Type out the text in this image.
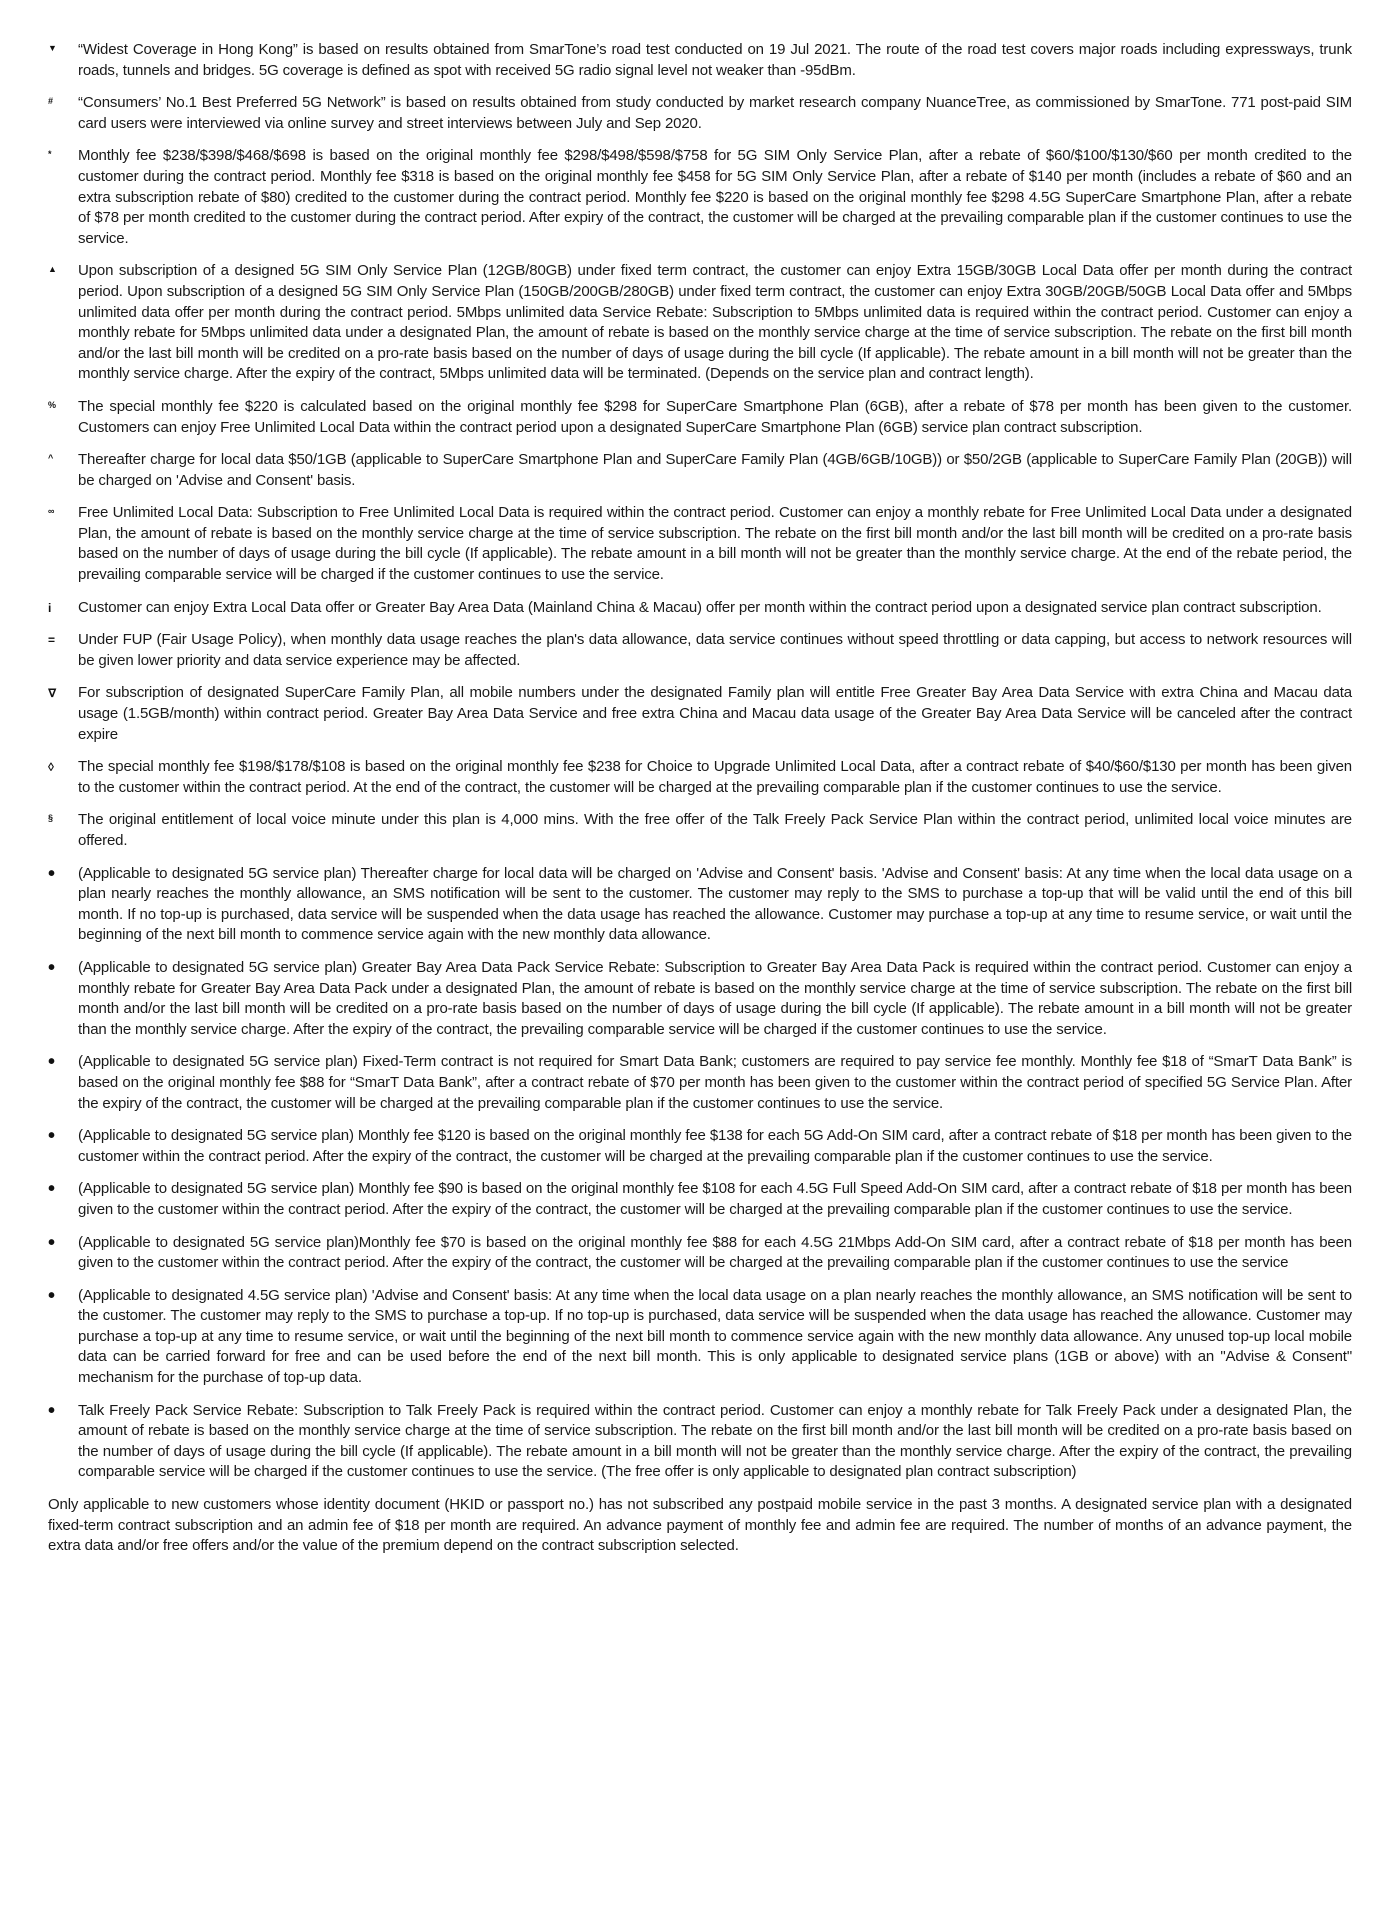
▼	“Widest Coverage in Hong Kong” is based on results obtained from SmarTone’s road test conducted on 19 Jul 2021. The route of the road test covers major roads including expressways, trunk roads, tunnels and bridges. 5G coverage is defined as spot with received 5G radio signal level not weaker than -95dBm.
#	“Consumers’ No.1 Best Preferred 5G Network” is based on results obtained from study conducted by market research company NuanceTree, as commissioned by SmarTone. 771 post-paid SIM card users were interviewed via online survey and street interviews between July and Sep 2020.
*	Monthly fee $238/$398/$468/$698 is based on the original monthly fee $298/$498/$598/$758 for 5G SIM Only Service Plan, after a rebate of $60/$100/$130/$60 per month credited to the customer during the contract period. Monthly fee $318 is based on the original monthly fee $458 for 5G SIM Only Service Plan, after a rebate of $140 per month (includes a rebate of $60 and an extra subscription rebate of $80) credited to the customer during the contract period. Monthly fee $220 is based on the original monthly fee $298 4.5G SuperCare Smartphone Plan, after a rebate of $78 per month credited to the customer during the contract period. After expiry of the contract, the customer will be charged at the prevailing comparable plan if the customer continues to use the service.
▲	Upon subscription of a designed 5G SIM Only Service Plan (12GB/80GB) under fixed term contract, the customer can enjoy Extra 15GB/30GB Local Data offer per month during the contract period. Upon subscription of a designed 5G SIM Only Service Plan (150GB/200GB/280GB) under fixed term contract, the customer can enjoy Extra 30GB/20GB/50GB Local Data offer and 5Mbps unlimited data offer per month during the contract period. 5Mbps unlimited data Service Rebate: Subscription to 5Mbps unlimited data is required within the contract period. Customer can enjoy a monthly rebate for 5Mbps unlimited data under a designated Plan, the amount of rebate is based on the monthly service charge at the time of service subscription. The rebate on the first bill month and/or the last bill month will be credited on a pro-rate basis based on the number of days of usage during the bill cycle (If applicable). The rebate amount in a bill month will not be greater than the monthly service charge. After the expiry of the contract, 5Mbps unlimited data will be terminated. (Depends on the service plan and contract length).
%	The special monthly fee $220 is calculated based on the original monthly fee $298 for SuperCare Smartphone Plan (6GB), after a rebate of $78 per month has been given to the customer. Customers can enjoy Free Unlimited Local Data within the contract period upon a designated SuperCare Smartphone Plan (6GB) service plan contract subscription.
^	Thereafter charge for local data $50/1GB (applicable to SuperCare Smartphone Plan and SuperCare Family Plan (4GB/6GB/10GB)) or $50/2GB (applicable to SuperCare Family Plan (20GB)) will be charged on 'Advise and Consent' basis.
∞	Free Unlimited Local Data: Subscription to Free Unlimited Local Data is required within the contract period. Customer can enjoy a monthly rebate for Free Unlimited Local Data under a designated Plan, the amount of rebate is based on the monthly service charge at the time of service subscription. The rebate on the first bill month and/or the last bill month will be credited on a pro-rate basis based on the number of days of usage during the bill cycle (If applicable). The rebate amount in a bill month will not be greater than the monthly service charge. At the end of the rebate period, the prevailing comparable service will be charged if the customer continues to use the service.
i	Customer can enjoy Extra Local Data offer or Greater Bay Area Data (Mainland China & Macau) offer per month within the contract period upon a designated service plan contract subscription.
=	Under FUP (Fair Usage Policy), when monthly data usage reaches the plan's data allowance, data service continues without speed throttling or data capping, but access to network resources will be given lower priority and data service experience may be affected.
∇	For subscription of designated SuperCare Family Plan, all mobile numbers under the designated Family plan will entitle Free Greater Bay Area Data Service with extra China and Macau data usage (1.5GB/month) within contract period. Greater Bay Area Data Service and free extra China and Macau data usage of the Greater Bay Area Data Service will be canceled after the contract expire
◊	The special monthly fee $198/$178/$108 is based on the original monthly fee $238 for Choice to Upgrade Unlimited Local Data, after a contract rebate of $40/$60/$130 per month has been given to the customer within the contract period. At the end of the contract, the customer will be charged at the prevailing comparable plan if the customer continues to use the service.
§	The original entitlement of local voice minute under this plan is 4,000 mins. With the free offer of the Talk Freely Pack Service Plan within the contract period, unlimited local voice minutes are offered.
•	(Applicable to designated 5G service plan) Thereafter charge for local data will be charged on 'Advise and Consent' basis. 'Advise and Consent' basis: At any time when the local data usage on a plan nearly reaches the monthly allowance, an SMS notification will be sent to the customer. The customer may reply to the SMS to purchase a top-up that will be valid until the end of this bill month. If no top-up is purchased, data service will be suspended when the data usage has reached the allowance. Customer may purchase a top-up at any time to resume service, or wait until the beginning of the next bill month to commence service again with the new monthly data allowance.
•	(Applicable to designated 5G service plan) Greater Bay Area Data Pack Service Rebate: Subscription to Greater Bay Area Data Pack is required within the contract period. Customer can enjoy a monthly rebate for Greater Bay Area Data Pack under a designated Plan, the amount of rebate is based on the monthly service charge at the time of service subscription. The rebate on the first bill month and/or the last bill month will be credited on a pro-rate basis based on the number of days of usage during the bill cycle (If applicable). The rebate amount in a bill month will not be greater than the monthly service charge. After the expiry of the contract, the prevailing comparable service will be charged if the customer continues to use the service.
•	(Applicable to designated 5G service plan) Fixed-Term contract is not required for Smart Data Bank; customers are required to pay service fee monthly. Monthly fee $18 of “SmarT Data Bank” is based on the original monthly fee $88 for “SmarT Data Bank”, after a contract rebate of $70 per month has been given to the customer within the contract period of specified 5G Service Plan. After the expiry of the contract, the customer will be charged at the prevailing comparable plan if the customer continues to use the service.
•	(Applicable to designated 5G service plan) Monthly fee $120 is based on the original monthly fee $138 for each 5G Add-On SIM card, after a contract rebate of $18 per month has been given to the customer within the contract period. After the expiry of the contract, the customer will be charged at the prevailing comparable plan if the customer continues to use the service.
•	(Applicable to designated 5G service plan) Monthly fee $90 is based on the original monthly fee $108 for each 4.5G Full Speed Add-On SIM card, after a contract rebate of $18 per month has been given to the customer within the contract period. After the expiry of the contract, the customer will be charged at the prevailing comparable plan if the customer continues to use the service.
•	(Applicable to designated 5G service plan)Monthly fee $70 is based on the original monthly fee $88 for each 4.5G 21Mbps Add-On SIM card, after a contract rebate of $18 per month has been given to the customer within the contract period. After the expiry of the contract, the customer will be charged at the prevailing comparable plan if the customer continues to use the service
•	(Applicable to designated 4.5G service plan) 'Advise and Consent' basis: At any time when the local data usage on a plan nearly reaches the monthly allowance, an SMS notification will be sent to the customer. The customer may reply to the SMS to purchase a top-up. If no top-up is purchased, data service will be suspended when the data usage has reached the allowance. Customer may purchase a top-up at any time to resume service, or wait until the beginning of the next bill month to commence service again with the new monthly data allowance. Any unused top-up local mobile data can be carried forward for free and can be used before the end of the next bill month. This is only applicable to designated service plans (1GB or above) with an "Advise & Consent" mechanism for the purchase of top-up data.
•	Talk Freely Pack Service Rebate: Subscription to Talk Freely Pack is required within the contract period. Customer can enjoy a monthly rebate for Talk Freely Pack under a designated Plan, the amount of rebate is based on the monthly service charge at the time of service subscription. The rebate on the first bill month and/or the last bill month will be credited on a pro-rate basis based on the number of days of usage during the bill cycle (If applicable). The rebate amount in a bill month will not be greater than the monthly service charge. After the expiry of the contract, the prevailing comparable service will be charged if the customer continues to use the service. (The free offer is only applicable to designated plan contract subscription)

Only applicable to new customers whose identity document (HKID or passport no.) has not subscribed any postpaid mobile service in the past 3 months. A designated service plan with a designated fixed-term contract subscription and an admin fee of $18 per month are required. An advance payment of monthly fee and admin fee are required. The number of months of an advance payment, the extra data and/or free offers and/or the value of the premium depend on the contract subscription selected.
